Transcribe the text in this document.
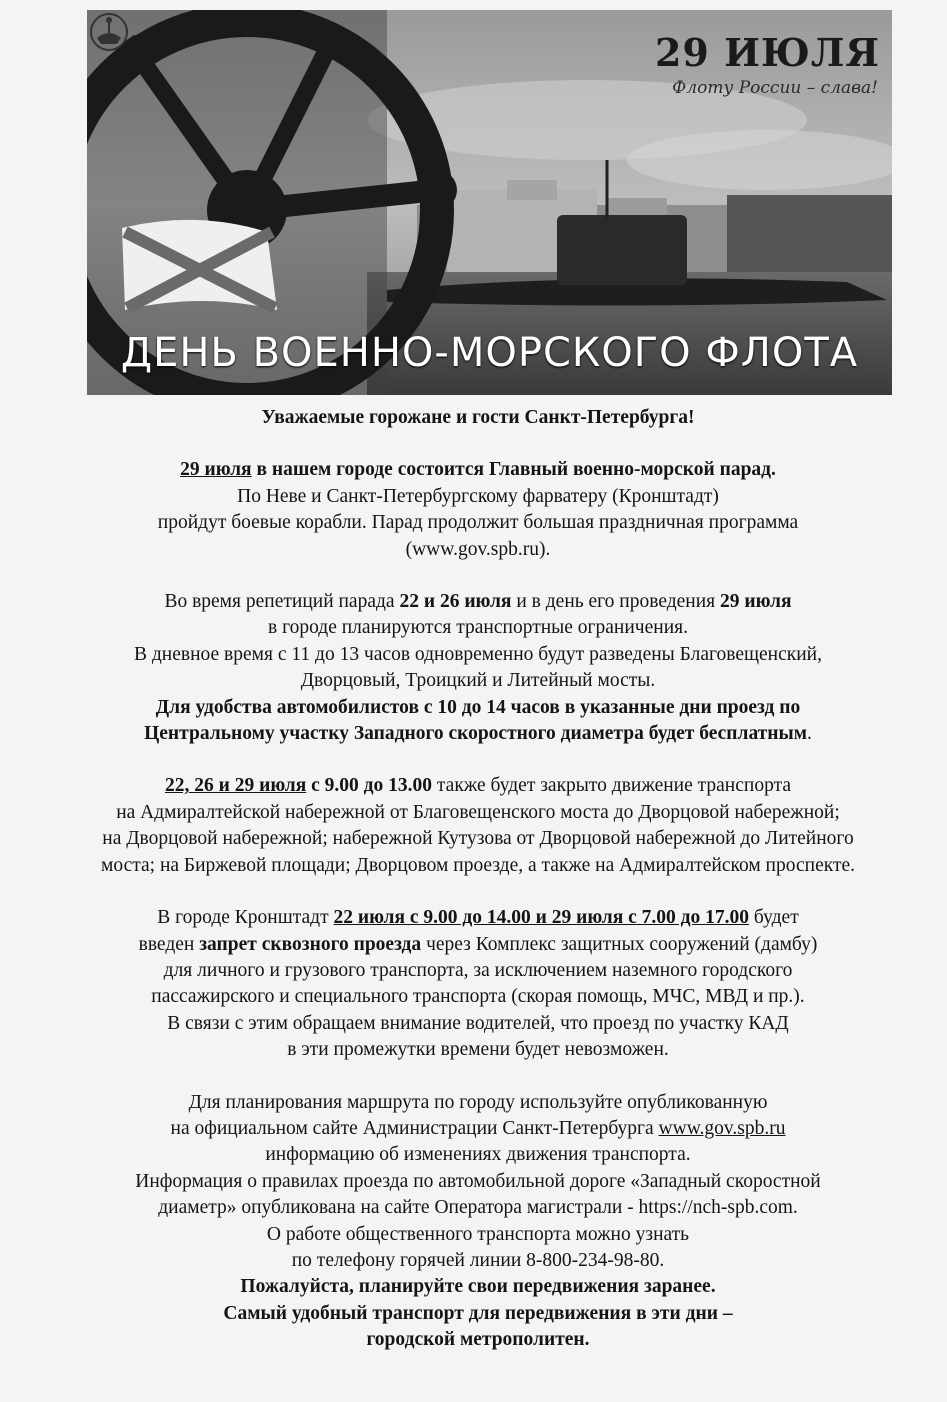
29 ИЮЛЯ
Флоту России – слава!
ДЕНЬ ВОЕННО-МОРСКОГО ФЛОТА
Уважаемые горожане и гости Санкт-Петербурга!
29 июля в нашем городе состоится Главный военно-морской парад.
По Неве и Санкт-Петербургскому фарватеру (Кронштадт)
пройдут боевые корабли. Парад продолжит большая праздничная программа
(www.gov.spb.ru).
Во время репетиций парада 22 и 26 июля и в день его проведения 29 июля
в городе планируются транспортные ограничения.
В дневное время с 11 до 13 часов одновременно будут разведены Благовещенский,
Дворцовый, Троицкий и Литейный мосты.
Для удобства автомобилистов с 10 до 14 часов в указанные дни проезд по
Центральному участку Западного скоростного диаметра будет бесплатным.
22, 26 и 29 июля с 9.00 до 13.00 также будет закрыто движение транспорта
на Адмиралтейской набережной от Благовещенского моста до Дворцовой набережной;
на Дворцовой набережной; набережной Кутузова от Дворцовой набережной до Литейного
моста; на Биржевой площади; Дворцовом проезде, а также на Адмиралтейском проспекте.
В городе Кронштадт 22 июля с 9.00 до 14.00 и 29 июля с 7.00 до 17.00 будет
введен запрет сквозного проезда через Комплекс защитных сооружений (дамбу)
для личного и грузового транспорта, за исключением наземного городского
пассажирского и специального транспорта (скорая помощь, МЧС, МВД и пр.).
В связи с этим обращаем внимание водителей, что проезд по участку КАД
в эти промежутки времени будет невозможен.
Для планирования маршрута по городу используйте опубликованную
на официальном сайте Администрации Санкт-Петербурга www.gov.spb.ru
информацию об изменениях движения транспорта.
Информация о правилах проезда по автомобильной дороге «Западный скоростной
диаметр» опубликована на сайте Оператора магистрали - https://nch-spb.com.
О работе общественного транспорта можно узнать
по телефону горячей линии 8-800-234-98-80.
Пожалуйста, планируйте свои передвижения заранее.
Самый удобный транспорт для передвижения в эти дни –
городской метрополитен.
